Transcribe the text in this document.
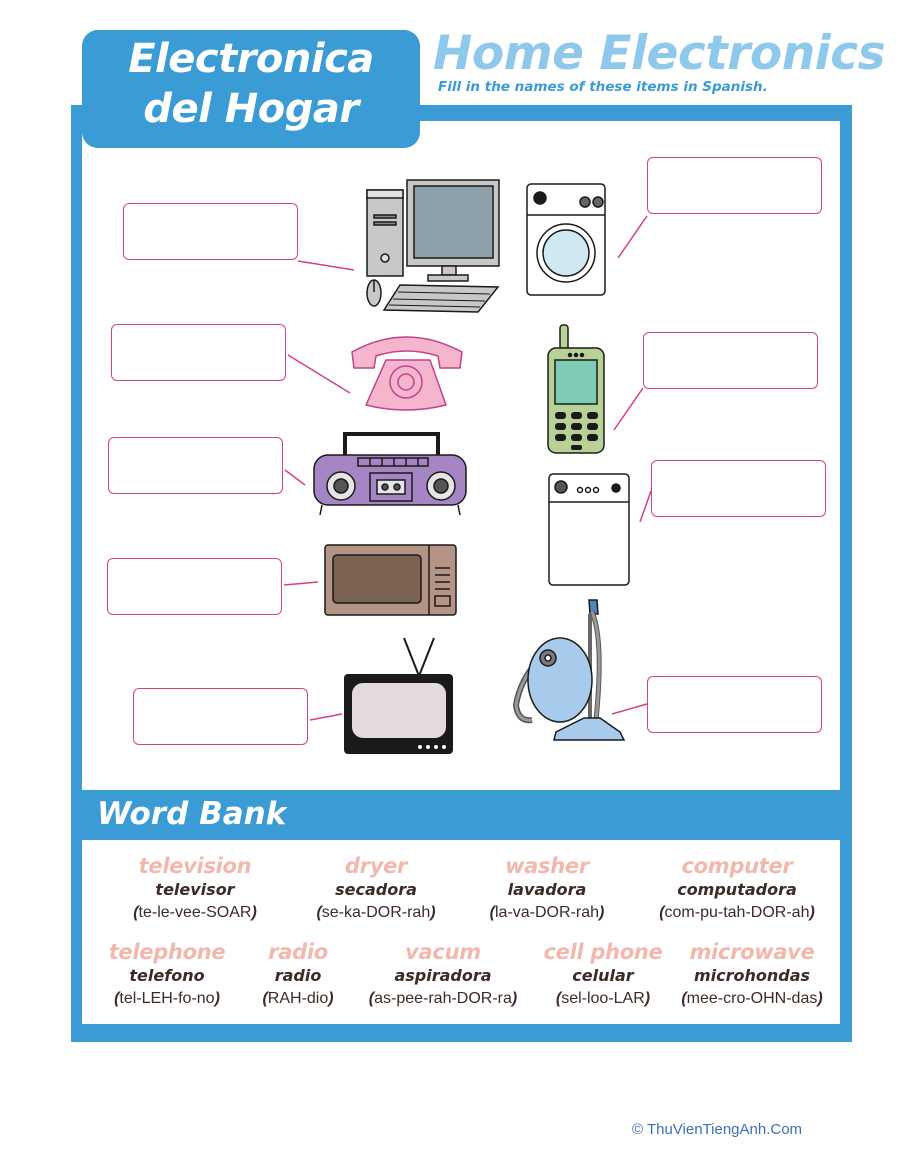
Electronica
del Hogar
Home Electronics
Fill in the names of these items in Spanish.
Word Bank
television
televisor
(te-le-vee-SOAR)
dryer
secadora
(se-ka-DOR-rah)
washer
lavadora
(la-va-DOR-rah)
computer
computadora
(com-pu-tah-DOR-ah)
telephone
telefono
(tel-LEH-fo-no)
radio
radio
(RAH-dio)
vacum
aspiradora
(as-pee-rah-DOR-ra)
cell phone
celular
(sel-loo-LAR)
microwave
microhondas
(mee-cro-OHN-das)
© ThuVienTiengAnh.Com
